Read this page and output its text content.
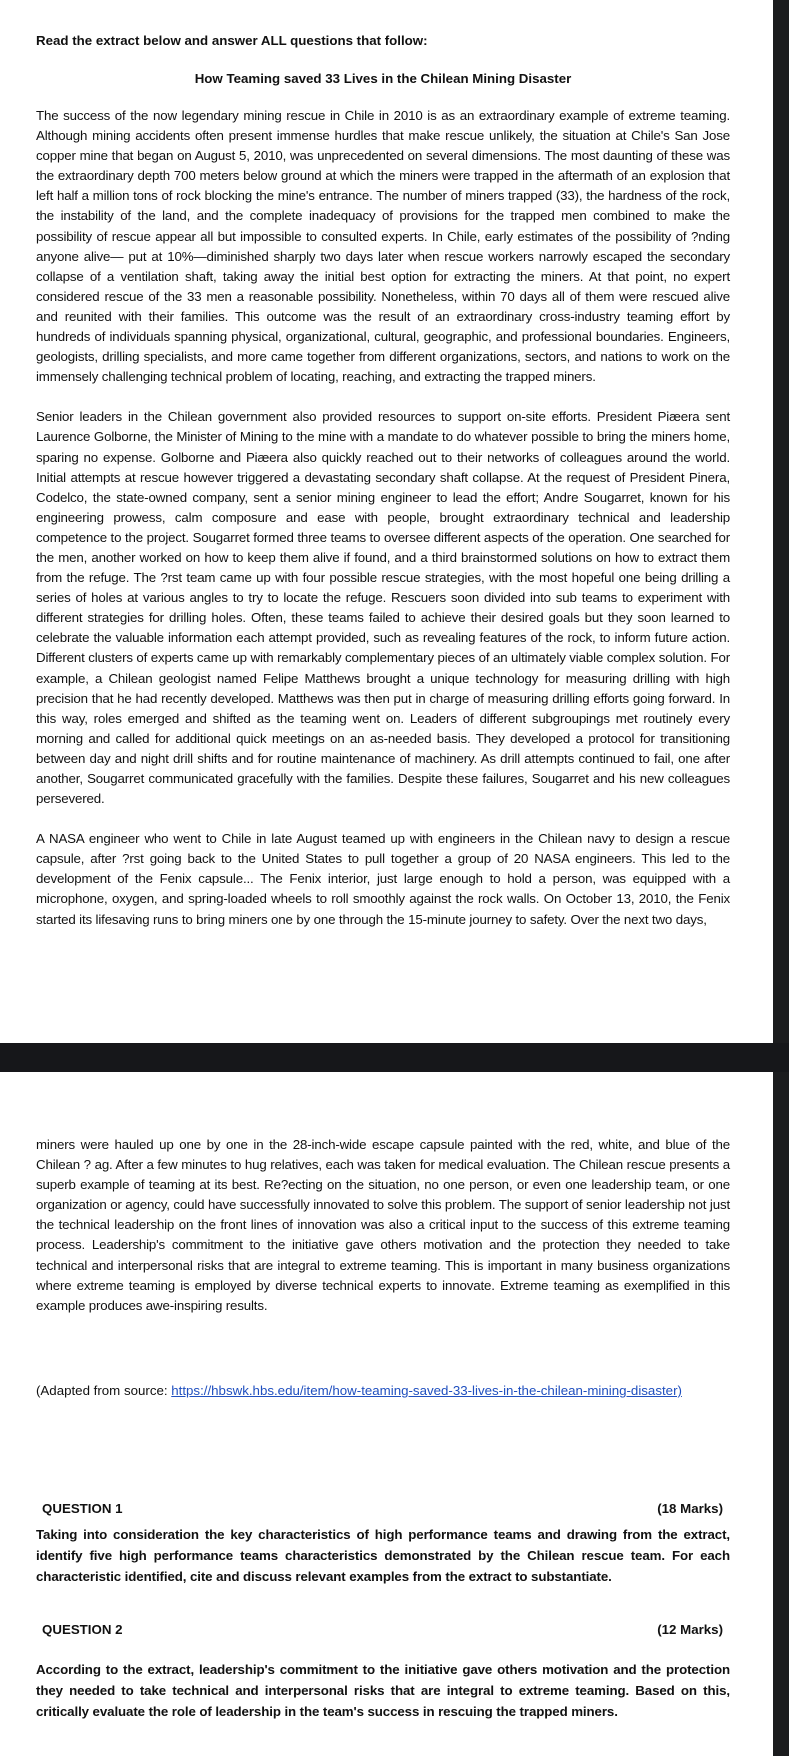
Read the extract below and answer ALL questions that follow:
How Teaming saved 33 Lives in the Chilean Mining Disaster

The success of the now legendary mining rescue in Chile in 2010 is as an extraordinary example of extreme teaming. Although mining accidents often present immense hurdles that make rescue unlikely, the situation at Chile's San Jose copper mine that began on August 5, 2010, was unprecedented on several dimensions. The most daunting of these was the extraordinary depth 700 meters below ground at which the miners were trapped in the aftermath of an explosion that left half a million tons of rock blocking the mine's entrance. The number of miners trapped (33), the hardness of the rock, the instability of the land, and the complete inadequacy of provisions for the trapped men combined to make the possibility of rescue appear all but impossible to consulted experts. In Chile, early estimates of the possibility of ?nding anyone alive— put at 10%—diminished sharply two days later when rescue workers narrowly escaped the secondary collapse of a ventilation shaft, taking away the initial best option for extracting the miners. At that point, no expert considered rescue of the 33 men a reasonable possibility. Nonetheless, within 70 days all of them were rescued alive and reunited with their families. This outcome was the result of an extraordinary cross-industry teaming effort by hundreds of individuals spanning physical, organizational, cultural, geographic, and professional boundaries. Engineers, geologists, drilling specialists, and more came together from different organizations, sectors, and nations to work on the immensely challenging technical problem of locating, reaching, and extracting the trapped miners.

Senior leaders in the Chilean government also provided resources to support on-site efforts. President Piæera sent Laurence Golborne, the Minister of Mining to the mine with a mandate to do whatever possible to bring the miners home, sparing no expense. Golborne and Piæera also quickly reached out to their networks of colleagues around the world. Initial attempts at rescue however triggered a devastating secondary shaft collapse. At the request of President Pinera, Codelco, the state-owned company, sent a senior mining engineer to lead the effort; Andre Sougarret, known for his engineering prowess, calm composure and ease with people, brought extraordinary technical and leadership competence to the project. Sougarret formed three teams to oversee different aspects of the operation. One searched for the men, another worked on how to keep them alive if found, and a third brainstormed solutions on how to extract them from the refuge. The ?rst team came up with four possible rescue strategies, with the most hopeful one being drilling a series of holes at various angles to try to locate the refuge. Rescuers soon divided into sub teams to experiment with different strategies for drilling holes. Often, these teams failed to achieve their desired goals but they soon learned to celebrate the valuable information each attempt provided, such as revealing features of the rock, to inform future action. Different clusters of experts came up with remarkably complementary pieces of an ultimately viable complex solution. For example, a Chilean geologist named Felipe Matthews brought a unique technology for measuring drilling with high precision that he had recently developed. Matthews was then put in charge of measuring drilling efforts going forward. In this way, roles emerged and shifted as the teaming went on. Leaders of different subgroupings met routinely every morning and called for additional quick meetings on an as-needed basis. They developed a protocol for transitioning between day and night drill shifts and for routine maintenance of machinery. As drill attempts continued to fail, one after another, Sougarret communicated gracefully with the families. Despite these failures, Sougarret and his new colleagues persevered.

A NASA engineer who went to Chile in late August teamed up with engineers in the Chilean navy to design a rescue capsule, after ?rst going back to the United States to pull together a group of 20 NASA engineers. This led to the development of the Fenix capsule... The Fenix interior, just large enough to hold a person, was equipped with a microphone, oxygen, and spring-loaded wheels to roll smoothly against the rock walls. On October 13, 2010, the Fenix started its lifesaving runs to bring miners one by one through the 15-minute journey to safety. Over the next two days,

miners were hauled up one by one in the 28-inch-wide escape capsule painted with the red, white, and blue of the Chilean ? ag. After a few minutes to hug relatives, each was taken for medical evaluation. The Chilean rescue presents a superb example of teaming at its best. Re?ecting on the situation, no one person, or even one leadership team, or one organization or agency, could have successfully innovated to solve this problem. The support of senior leadership not just the technical leadership on the front lines of innovation was also a critical input to the success of this extreme teaming process. Leadership's commitment to the initiative gave others motivation and the protection they needed to take technical and interpersonal risks that are integral to extreme teaming. This is important in many business organizations where extreme teaming is employed by diverse technical experts to innovate. Extreme teaming as exemplified in this example produces awe-inspiring results.

(Adapted from source: https://hbswk.hbs.edu/item/how-teaming-saved-33-lives-in-the-chilean-mining-disaster)
QUESTION 1	(18 Marks)
Taking into consideration the key characteristics of high performance teams and drawing from the extract, identify five high performance teams characteristics demonstrated by the Chilean rescue team. For each characteristic identified, cite and discuss relevant examples from the extract to substantiate.
QUESTION 2	(12 Marks)
According to the extract, leadership's commitment to the initiative gave others motivation and the protection they needed to take technical and interpersonal risks that are integral to extreme teaming. Based on this, critically evaluate the role of leadership in the team's success in rescuing the trapped miners.
